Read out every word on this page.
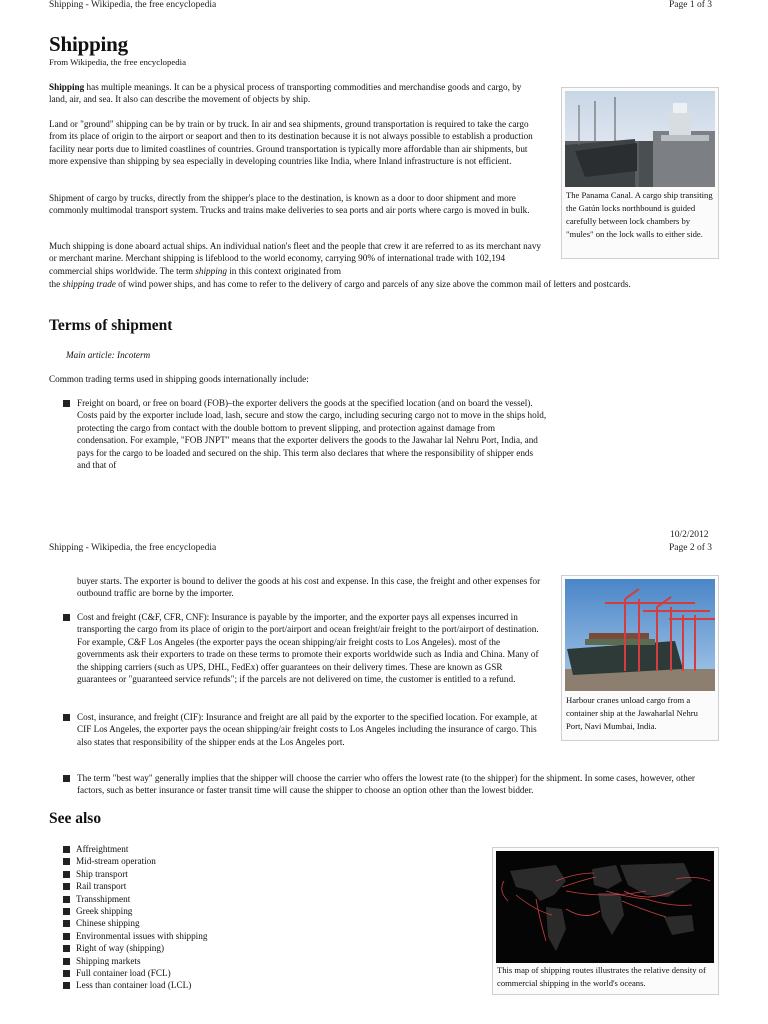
Shipping - Wikipedia, the free encyclopedia	Page 1 of 3
Shipping
From Wikipedia, the free encyclopedia
Shipping has multiple meanings. It can be a physical process of transporting commodities and merchandise goods and cargo, by land, air, and sea. It also can describe the movement of objects by ship.
Land or "ground" shipping can be by train or by truck. In air and sea shipments, ground transportation is required to take the cargo from its place of origin to the airport or seaport and then to its destination because it is not always possible to establish a production facility near ports due to limited coastlines of countries. Ground transportation is typically more affordable than air shipments, but more expensive than shipping by sea especially in developing countries like India, where Inland infrastructure is not efficient.
Shipment of cargo by trucks, directly from the shipper's place to the destination, is known as a door to door shipment and more commonly multimodal transport system. Trucks and trains make deliveries to sea ports and air ports where cargo is moved in bulk.
Much shipping is done aboard actual ships. An individual nation's fleet and the people that crew it are referred to as its merchant navy or merchant marine. Merchant shipping is lifeblood to the world economy, carrying 90% of international trade with 102,194 commercial ships worldwide. The term shipping in this context originated from
the shipping trade of wind power ships, and has come to refer to the delivery of cargo and parcels of any size above the common mail of letters and postcards.
The Panama Canal. A cargo ship transiting the Gatún locks northbound is guided carefully between lock chambers by "mules" on the lock walls to either side.
Terms of shipment
Main article: Incoterm
Common trading terms used in shipping goods internationally include:
Freight on board, or free on board (FOB)–the exporter delivers the goods at the specified location (and on board the vessel). Costs paid by the exporter include load, lash, secure and stow the cargo, including securing cargo not to move in the ships hold, protecting the cargo from contact with the double bottom to prevent slipping, and protection against damage from condensation. For example, "FOB JNPT" means that the exporter delivers the goods to the Jawahar lal Nehru Port, India, and pays for the cargo to be loaded and secured on the ship. This term also declares that where the responsibility of shipper ends and that of
10/2/2012
Shipping - Wikipedia, the free encyclopedia	Page 2 of 3
buyer starts. The exporter is bound to deliver the goods at his cost and expense. In this case, the freight and other expenses for outbound traffic are borne by the importer.
Cost and freight (C&F, CFR, CNF): Insurance is payable by the importer, and the exporter pays all expenses incurred in transporting the cargo from its place of origin to the port/airport and ocean freight/air freight to the port/airport of destination. For example, C&F Los Angeles (the exporter pays the ocean shipping/air freight costs to Los Angeles). most of the governments ask their exporters to trade on these terms to promote their exports worldwide such as India and China. Many of the shipping carriers (such as UPS, DHL, FedEx) offer guarantees on their delivery times. These are known as GSR guarantees or "guaranteed service refunds"; if the parcels are not delivered on time, the customer is entitled to a refund.
Cost, insurance, and freight (CIF): Insurance and freight are all paid by the exporter to the specified location. For example, at CIF Los Angeles, the exporter pays the ocean shipping/air freight costs to Los Angeles including the insurance of cargo. This also states that responsibility of the shipper ends at the Los Angeles port.
The term "best way" generally implies that the shipper will choose the carrier who offers the lowest rate (to the shipper) for the shipment. In some cases, however, other factors, such as better insurance or faster transit time will cause the shipper to choose an option other than the lowest bidder.
Harbour cranes unload cargo from a container ship at the Jawaharlal Nehru Port, Navi Mumbai, India.
See also
Affreightment
Mid-stream operation
Ship transport
Rail transport
Transshipment
Greek shipping
Chinese shipping
Environmental issues with shipping
Right of way (shipping)
Shipping markets
Full container load (FCL)
Less than container load (LCL)
This map of shipping routes illustrates the relative density of commercial shipping in the world's oceans.
